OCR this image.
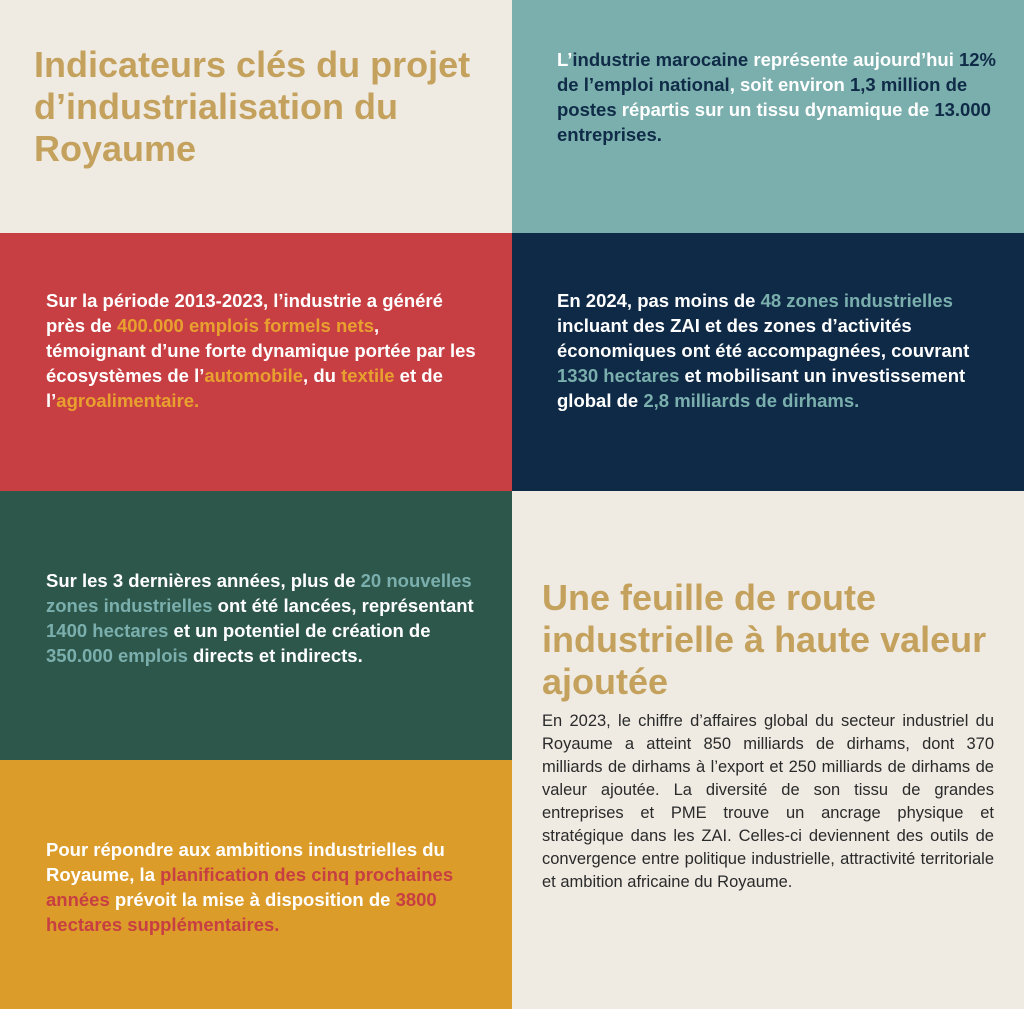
Indicateurs clés du projet d’industrialisation du Royaume

L’industrie marocaine représente aujourd’hui 12% de l’emploi national, soit environ 1,3 million de postes répartis sur un tissu dynamique de 13.000 entreprises.

Sur la période 2013-2023, l’industrie a généré près de 400.000 emplois formels nets, témoignant d’une forte dynamique portée par les écosystèmes de l’automobile, du textile et de l’agroalimentaire.

En 2024, pas moins de 48 zones industrielles incluant des ZAI et des zones d’activités économiques ont été accompagnées, couvrant 1330 hectares et mobilisant un investissement global de 2,8 milliards de dirhams.

Sur les 3 dernières années, plus de 20 nouvelles zones industrielles ont été lancées, représentant 1400 hectares et un potentiel de création de 350.000 emplois directs et indirects.

Pour répondre aux ambitions industrielles du Royaume, la planification des cinq prochaines années prévoit la mise à disposition de 3800 hectares supplémentaires.

Une feuille de route industrielle à haute valeur ajoutée

En 2023, le chiffre d’affaires global du secteur industriel du Royaume a atteint 850 milliards de dirhams, dont 370 milliards de dirhams à l’export et 250 milliards de dirhams de valeur ajoutée. La diversité de son tissu de grandes entreprises et PME trouve un ancrage physique et stratégique dans les ZAI. Celles-ci deviennent des outils de convergence entre politique industrielle, attractivité territoriale et ambition africaine du Royaume.
